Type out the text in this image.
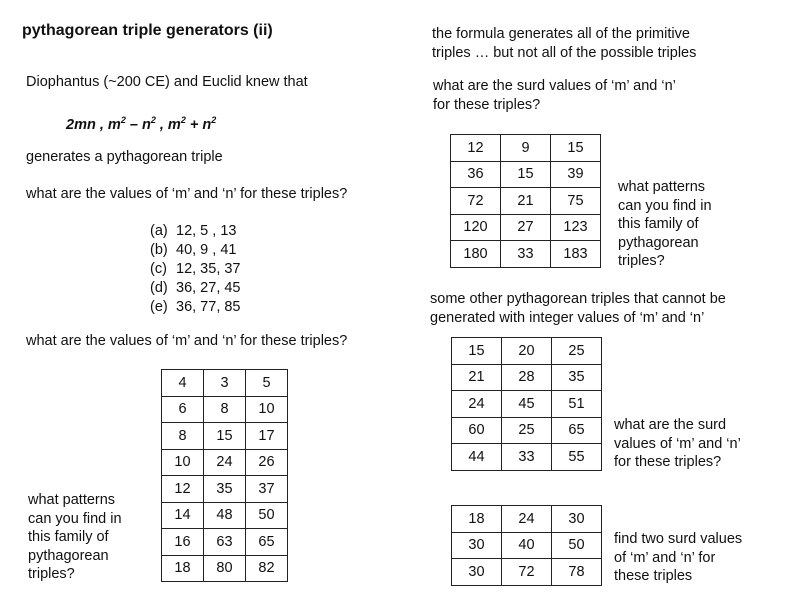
pythagorean triple generators (ii)
Diophantus (~200 CE) and Euclid knew that
2mn , $m^2 - n^2$ , $m^2 + n^2$
generates a pythagorean triple
what are the values of ‘m’ and ‘n’ for these triples?
(a) 12, 5 , 13
(b) 40, 9 , 41
(c) 12, 35, 37
(d) 36, 27, 45
(e) 36, 77, 85
what are the values of ‘m’ and ‘n’ for these triples?
4	3	5
6	8	10
8	15	17
10	24	26
12	35	37
14	48	50
16	63	65
18	80	82
what patterns
can you find in
this family of
pythagorean
triples?
the formula generates all of the primitive
triples … but not all of the possible triples
what are the surd values of ‘m’ and ‘n’
for these triples?
12	9	15
36	15	39
72	21	75
120	27	123
180	33	183
what patterns
can you find in
this family of
pythagorean
triples?
some other pythagorean triples that cannot be
generated with integer values of ‘m’ and ‘n’
15	20	25
21	28	35
24	45	51
60	25	65
44	33	55
what are the surd
values of ‘m’ and ‘n’
for these triples?
18	24	30
30	40	50
30	72	78
find two surd values
of ‘m’ and ‘n’ for
these triples
